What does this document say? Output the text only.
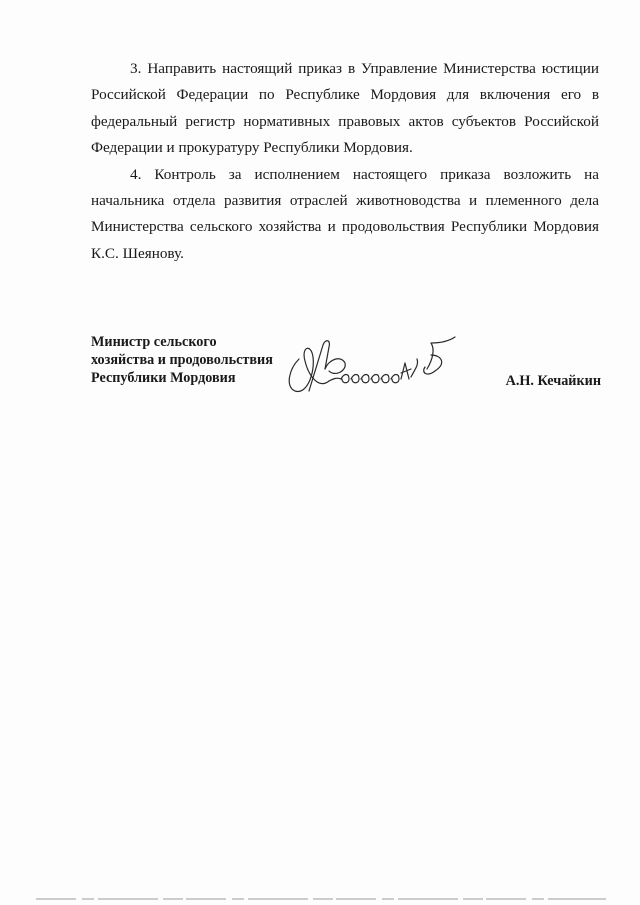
3. Направить настоящий приказ в Управление Министерства юстиции Российской Федерации по Республике Мордовия для включения его в федеральный регистр нормативных правовых актов субъектов Российской Федерации и прокуратуру Республики Мордовия.

4. Контроль за исполнением настоящего приказа возложить на начальника отдела развития отраслей животноводства и племенного дела Министерства сельского хозяйства и продовольствия Республики Мордовия К.С. Шеянову.

Министр сельского
хозяйства и продовольствия
Республики Мордовия	А.Н. Кечайкин
